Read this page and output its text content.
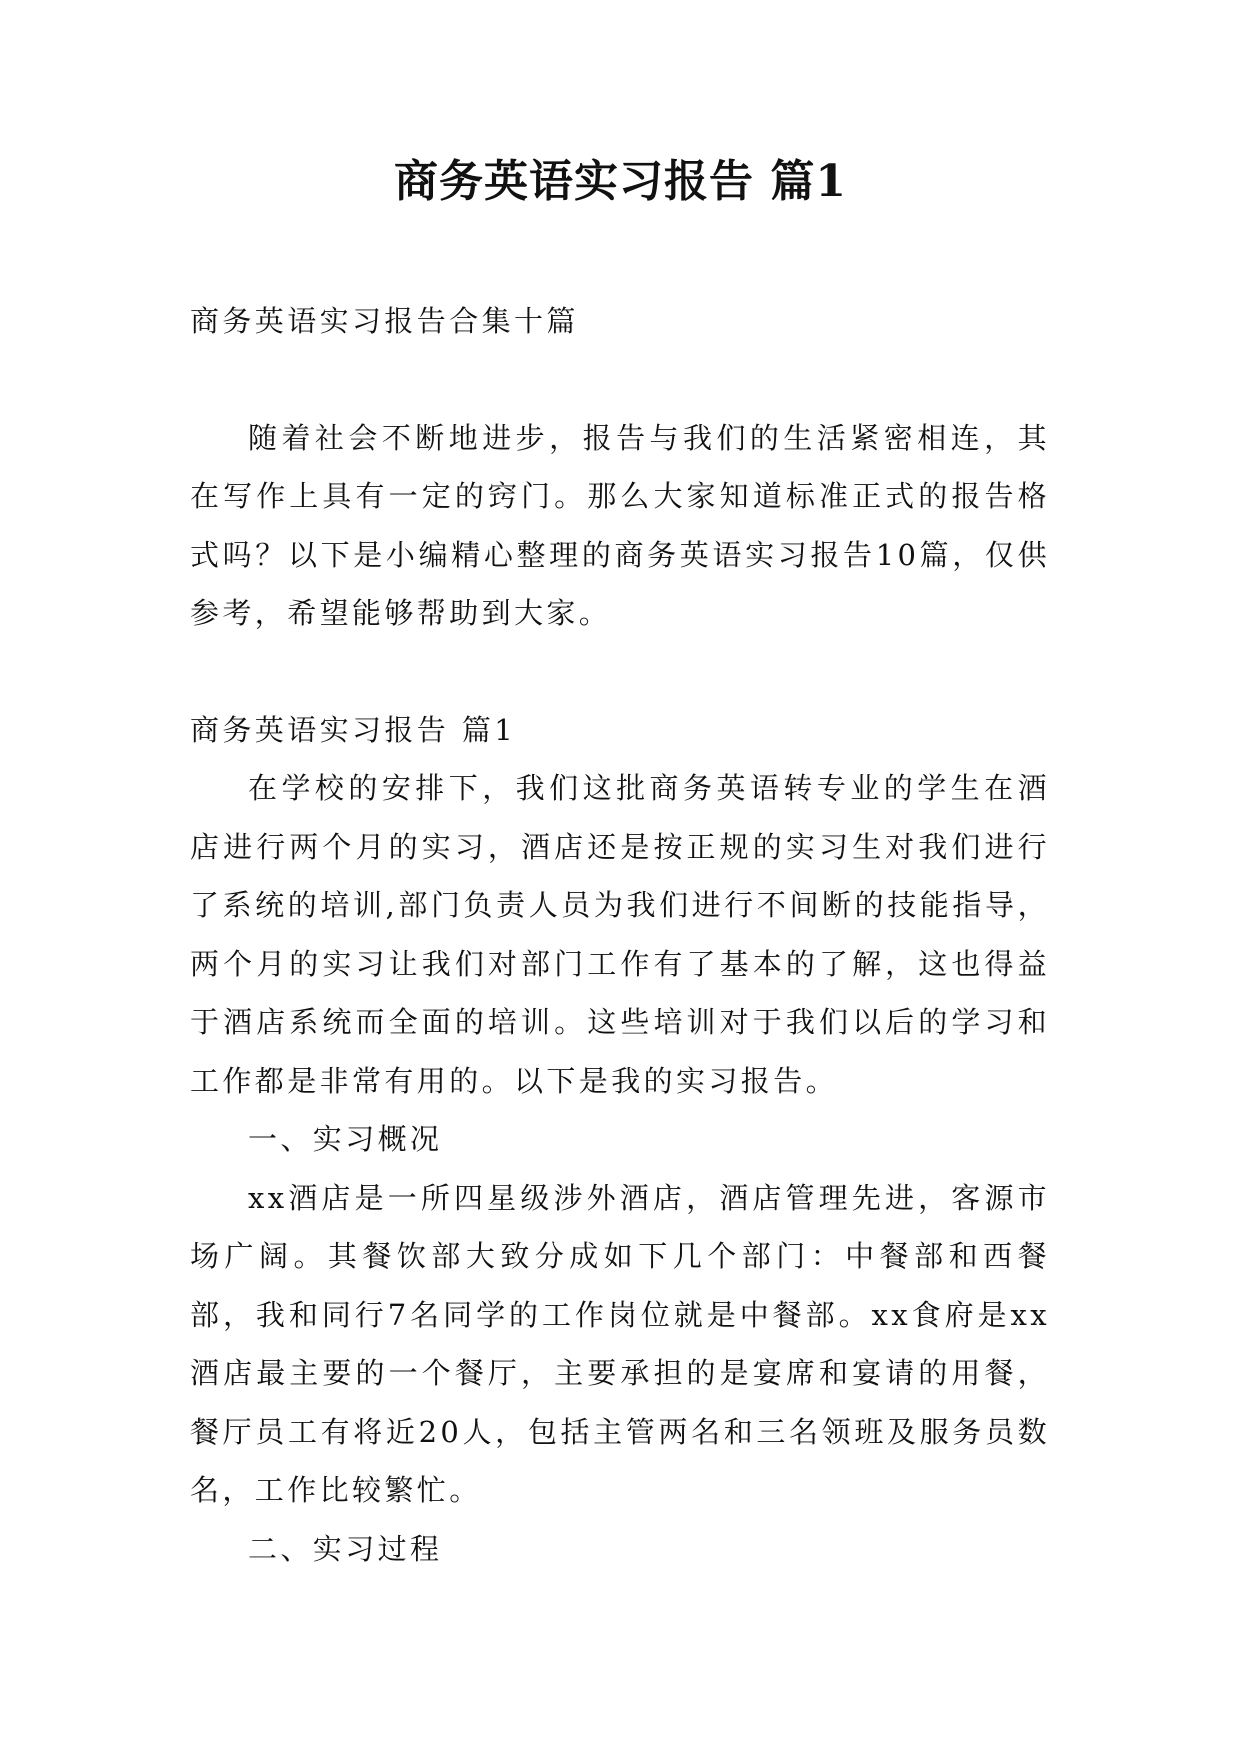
商务英语实习报告 篇1

商务英语实习报告合集十篇

随着社会不断地进步，报告与我们的生活紧密相连，其在写作上具有一定的窍门。那么大家知道标准正式的报告格式吗？以下是小编精心整理的商务英语实习报告10篇，仅供参考，希望能够帮助到大家。

商务英语实习报告 篇1

在学校的安排下，我们这批商务英语转专业的学生在酒店进行两个月的实习，酒店还是按正规的实习生对我们进行了系统的培训,部门负责人员为我们进行不间断的技能指导，两个月的实习让我们对部门工作有了基本的了解，这也得益于酒店系统而全面的培训。这些培训对于我们以后的学习和工作都是非常有用的。以下是我的实习报告。

一、实习概况

xx酒店是一所四星级涉外酒店，酒店管理先进，客源市场广阔。其餐饮部大致分成如下几个部门：中餐部和西餐部，我和同行7名同学的工作岗位就是中餐部。xx食府是xx酒店最主要的一个餐厅，主要承担的是宴席和宴请的用餐，餐厅员工有将近20人，包括主管两名和三名领班及服务员数名，工作比较繁忙。

二、实习过程
